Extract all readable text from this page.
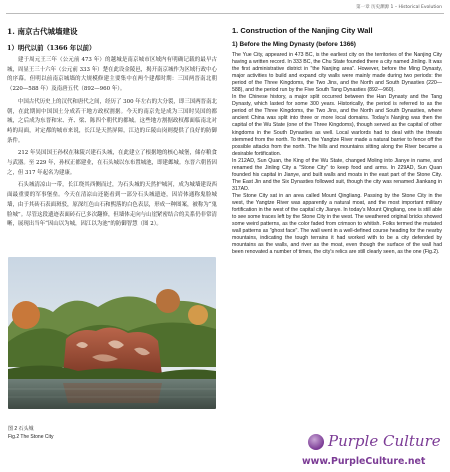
第一章 历史渊源 1 – Historical Evolution
1. 南京古代城墙建设
1）明代以前（1366 年以前）

建于周元王三年（公元前 473 年）的越城是南京城市区域内有明确记载的最早古城，周显王三十六年（公元前 333 年）楚在此设金陵邑，揭开南京城作为区域行政中心的序幕。但明以前南京城墙的大规模修建主要集中在两个建都时期：三国两晋南北朝（220—588 年）及南唐五代（892—960 年）。

中国古代历史上的汉代和唐代之间，经历了 300 年左右的大分裂，即三国两晋南北朝，在此期间中国国土分成若干地方政权割据。今天的南京先是成为三国时吴国的都城，之后成为东晋和宋、齐、梁、陈四个朝代的都城。这些地方割据政权都面临南北对峙的局面，对定都的城市来说，长江是天然屏障，江边的丘陵山岗则提供了良好的防御条件。

212 年吴国国王孙权在秣陵兴建石头城，在此建立了根据地的核心城堡，储存粮食与武器。至 229 年，孙权正都建业，在石头城以东布置城池，即建邺城。东晋六朝皆因之，但 317 年起名为建康。

石头城清凉山一带，长江绕其西侧而过，为石头城的天然护城河，成为城墙建设西面最重要的军事堡垒。今天在清凉山还能看到一部分石头城遗迹，因岩体通称鬼脸城墙，由于其砖石表面斑驳，原深红色山石和熙落的白色表层，形成一种图案，被称为“鬼脸城”。尽管这段遗迹表面砖石已多次翻修，但墙体走向与山崖紧密结合的关系仍非常清晰，展现出当年“因山以为城，因江以为池”的防御智慧（图 2）。

图 2 石头城
Fig.2 The Stone City
1. Construction of the Nanjing City Wall
1) Before the Ming Dynasty (before 1366)

The Yue City, appeared in 473 BC, is the earliest city on the territories of the Nanjing City having a written record. In 333 BC, the Chu State founded there a city named Jinling. It was the first administrative district in "the Nanjing area". However, before the Ming Dynasty, major activities to build and expand city walls were mainly made during two periods: the period of the Three Kingdoms, the Two Jins, and the North and South Dynasties (220—588), and the period run by the Five South Tang Dynasties (892—960).

In the Chinese history, a major split occurred between the Han Dynasty and the Tang Dynasty, which lasted for some 300 years. Historically, the period is referred to as the period of the Three Kingdoms, the Two Jins, and the North and South Dynasties, where ancient China was split into three or more local domains. Today's Nanjing was then the capital of the Wu State (one of the Three Kingdoms), though served as the capital of other kingdoms in the South Dynasties as well. Local warlords had to deal with the threats stemmed from the north. To them, the Yangtze River made a natural barrier to fence off the possible attacks from the north. The hills and mountains sitting along the River became a desirable fortification.

In 212AD, Sun Quan, the King of the Wu State, changed Moling into Jianye in name, and renamed the Jinling City a "Stone City" to keep food and arms. In 229AD, Sun Quan founded his capital in Jianye, and built walls and moats in the east part of the Stone City. The East Jin and the Six Dynasties followed suit, though the city was renamed Jiankang in 317AD.

The Stone City sat in an area called Mount Qingliang. Passing by the Stone City in the west, the Yangtze River was apparently a natural moat, and the most important military fortification in the west of the capital city Jianye. In today's Mount Qingliang, one is still able to see some traces left by the Stone City in the west. The weathered original bricks showed some weird patterns, as the color faded from crimson to whitish. Folks termed the mutated wall patterns as "ghost face". The wall went in a well-defined course heading for the nearby mountains, indicating the tough terrains it had worked with to be a city defended by mountains as the walls, and river as the moat, even though the surface of the wall had been renovated a number of times, the city's relics are still clearly seen, as the one (Fig.2).

Purple Culture
www.PurpleCulture.net
